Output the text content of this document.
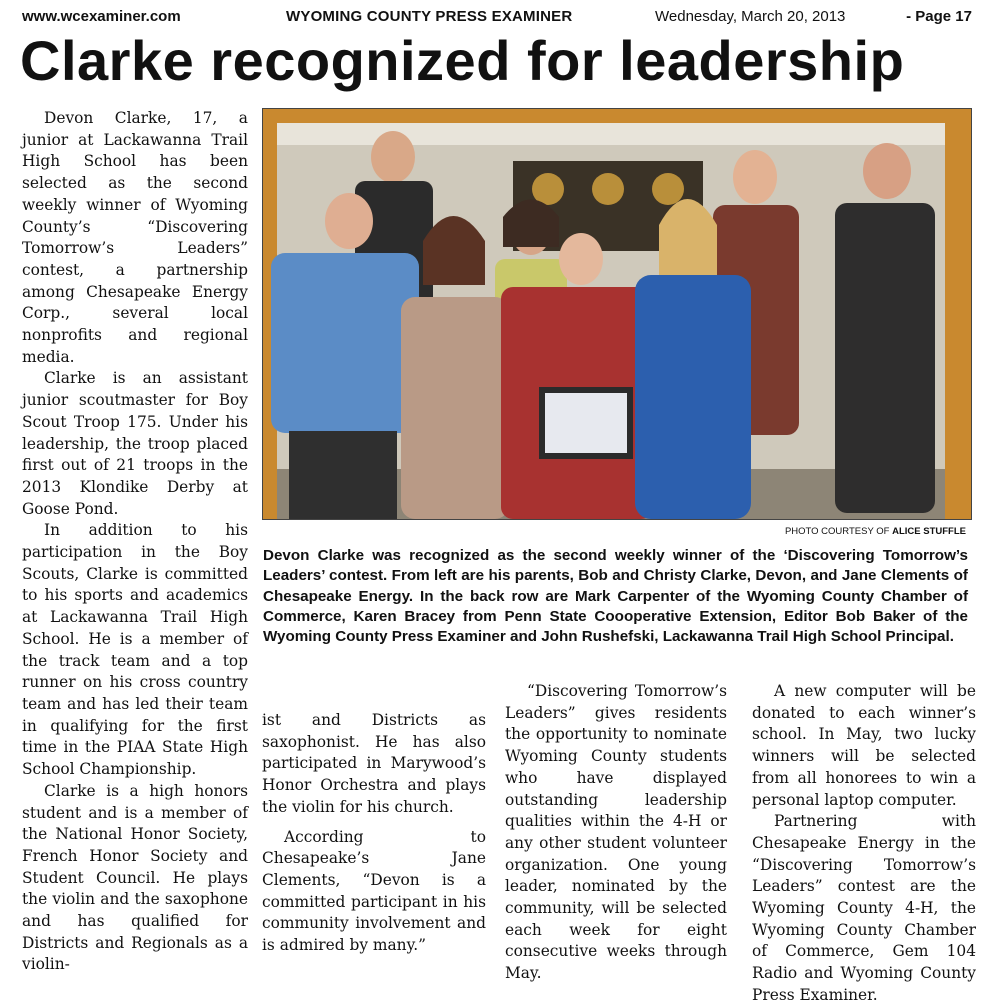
www.wcexaminer.com	WYOMING COUNTY PRESS EXAMINER	Wednesday, March 20, 2013	- Page 17
Clarke recognized for leadership

Devon Clarke, 17, a junior at Lackawanna Trail High School has been selected as the second weekly winner of Wyoming County’s “Discovering Tomorrow’s Leaders” contest, a partnership among Chesapeake Energy Corp., several local nonprofits and regional media.

Clarke is an assistant junior scoutmaster for Boy Scout Troop 175. Under his leadership, the troop placed first out of 21 troops in the 2013 Klondike Derby at Goose Pond.

In addition to his participation in the Boy Scouts, Clarke is committed to his sports and academics at Lackawanna Trail High School. He is a member of the track team and a top runner on his cross country team and has led their team in qualifying for the first time in the PIAA State High School Championship.

Clarke is a high honors student and is a member of the National Honor Society, French Honor Society and Student Council. He plays the violin and the saxophone and has qualified for Districts and Regionals as a violin-

PHOTO COURTESY OF ALICE STUFFLE
Devon Clarke was recognized as the second weekly winner of the ‘Discovering Tomorrow’s Leaders’ contest. From left are his parents, Bob and Christy Clarke, Devon, and Jane Clements of Chesapeake Energy. In the back row are Mark Carpenter of the Wyoming County Chamber of Commerce, Karen Bracey from Penn State Coooperative Extension, Editor Bob Baker of the Wyoming County Press Examiner and John Rushefski, Lackawanna Trail High School Principal.

ist and Districts as saxophonist. He has also participated in Marywood’s Honor Orchestra and plays the violin for his church.

According to Chesapeake’s Jane Clements, “Devon is a committed participant in his community involvement and is admired by many.”

“Discovering Tomorrow’s Leaders” gives residents the opportunity to nominate Wyoming County students who have displayed outstanding leadership qualities within the 4-H or any other student volunteer organization. One young leader, nominated by the community, will be selected each week for eight consecutive weeks through May.

A new computer will be donated to each winner’s school. In May, two lucky winners will be selected from all honorees to win a personal laptop computer.

Partnering with Chesapeake Energy in the “Discovering Tomorrow’s Leaders” contest are the Wyoming County 4-H, the Wyoming County Chamber of Commerce, Gem 104 Radio and Wyoming County Press Examiner.
